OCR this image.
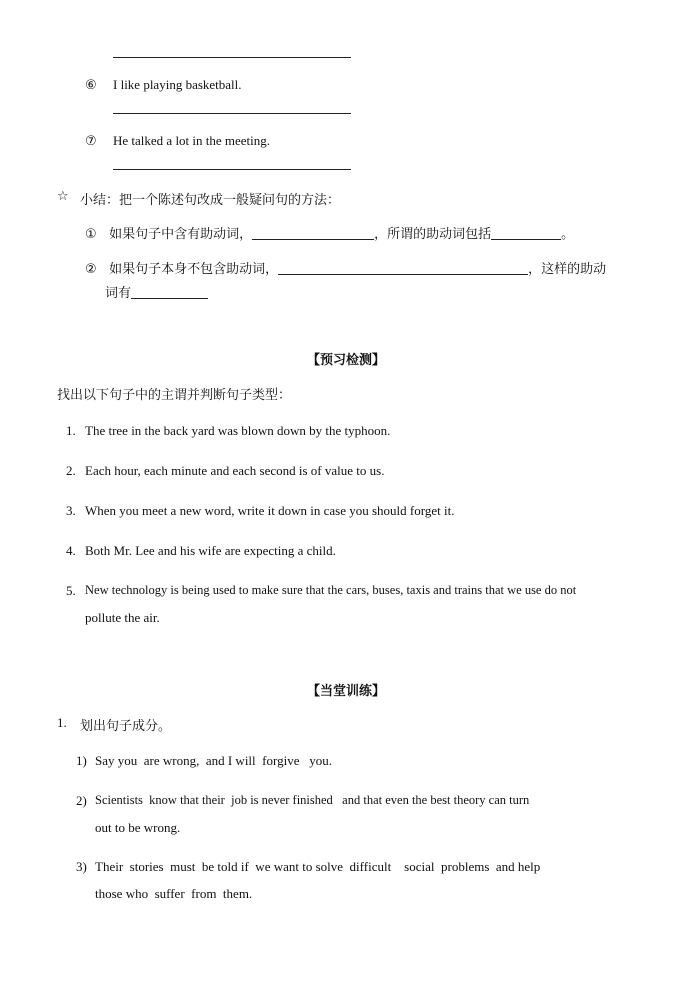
⑥ I like playing basketball.
⑦ He talked a lot in the meeting.
☆ 小结：把一个陈述句改成一般疑问句的方法：
① 如果句子中含有助动词，	，所谓的助动词包括	。
② 如果句子本身不包含助动词，	，这样的助动
词有
【预习检测】
找出以下句子中的主谓并判断句子类型：
1. The tree in the back yard was blown down by the typhoon.
2. Each hour, each minute and each second is of value to us.
3. When you meet a new word, write it down in case you should forget it.
4. Both Mr. Lee and his wife are expecting a child.
5. New technology is being used to make sure that the cars, buses, taxis and trains that we use do not
pollute the air.
【当堂训练】
1. 划出句子成分。
1) Say you  are wrong,  and I will  forgive   you.
2) Scientists  know that their  job is never finished   and that even the best theory can turn
out to be wrong.
3) Their  stories  must  be told if  we want to solve  difficult    social  problems  and help
those who  suffer  from  them.
